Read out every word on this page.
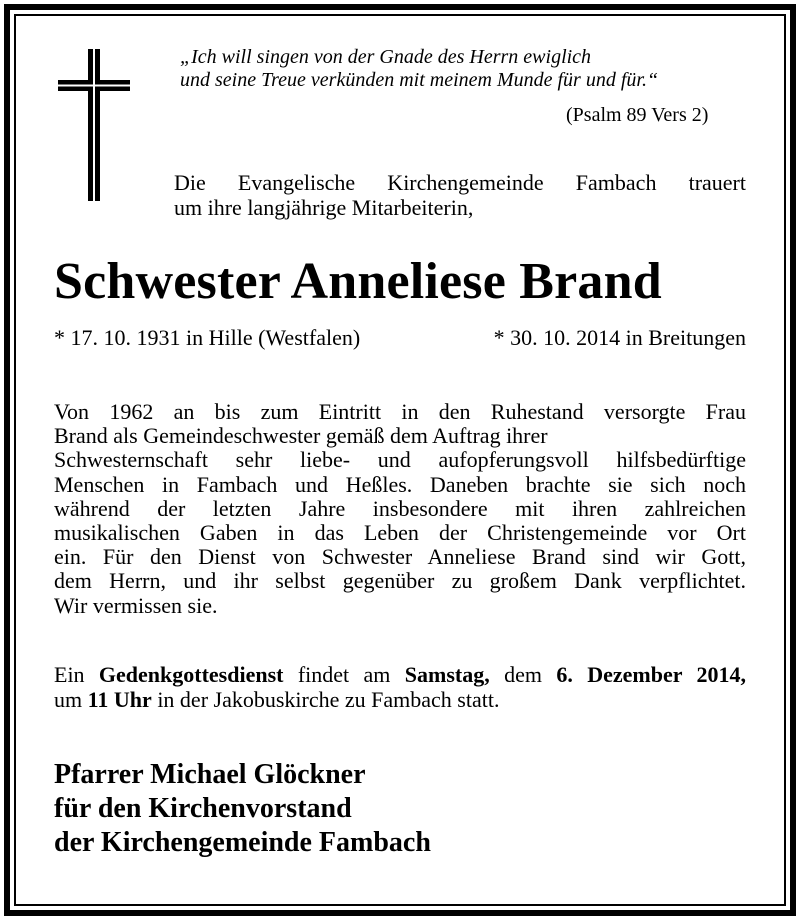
„Ich will singen von der Gnade des Herrn ewiglich
und seine Treue verkünden mit meinem Munde für und für.“
(Psalm 89 Vers 2)
Die Evangelische Kirchengemeinde Fambach trauert
um ihre langjährige Mitarbeiterin,
Schwester Anneliese Brand
* 17. 10. 1931 in Hille (Westfalen)	* 30. 10. 2014 in Breitungen
Von 1962 an bis zum Eintritt in den Ruhestand versorgte Frau
Brand als Gemeindeschwester gemäß dem Auftrag ihrer
Schwesternschaft sehr liebe- und aufopferungsvoll hilfsbedürftige
Menschen in Fambach und Heßles. Daneben brachte sie sich noch
während der letzten Jahre insbesondere mit ihren zahlreichen
musikalischen Gaben in das Leben der Christengemeinde vor Ort
ein. Für den Dienst von Schwester Anneliese Brand sind wir Gott,
dem Herrn, und ihr selbst gegenüber zu großem Dank verpflichtet.
Wir vermissen sie.
Ein Gedenkgottesdienst findet am Samstag, dem 6. Dezember 2014,
um 11 Uhr in der Jakobuskirche zu Fambach statt.
Pfarrer Michael Glöckner
für den Kirchenvorstand
der Kirchengemeinde Fambach
